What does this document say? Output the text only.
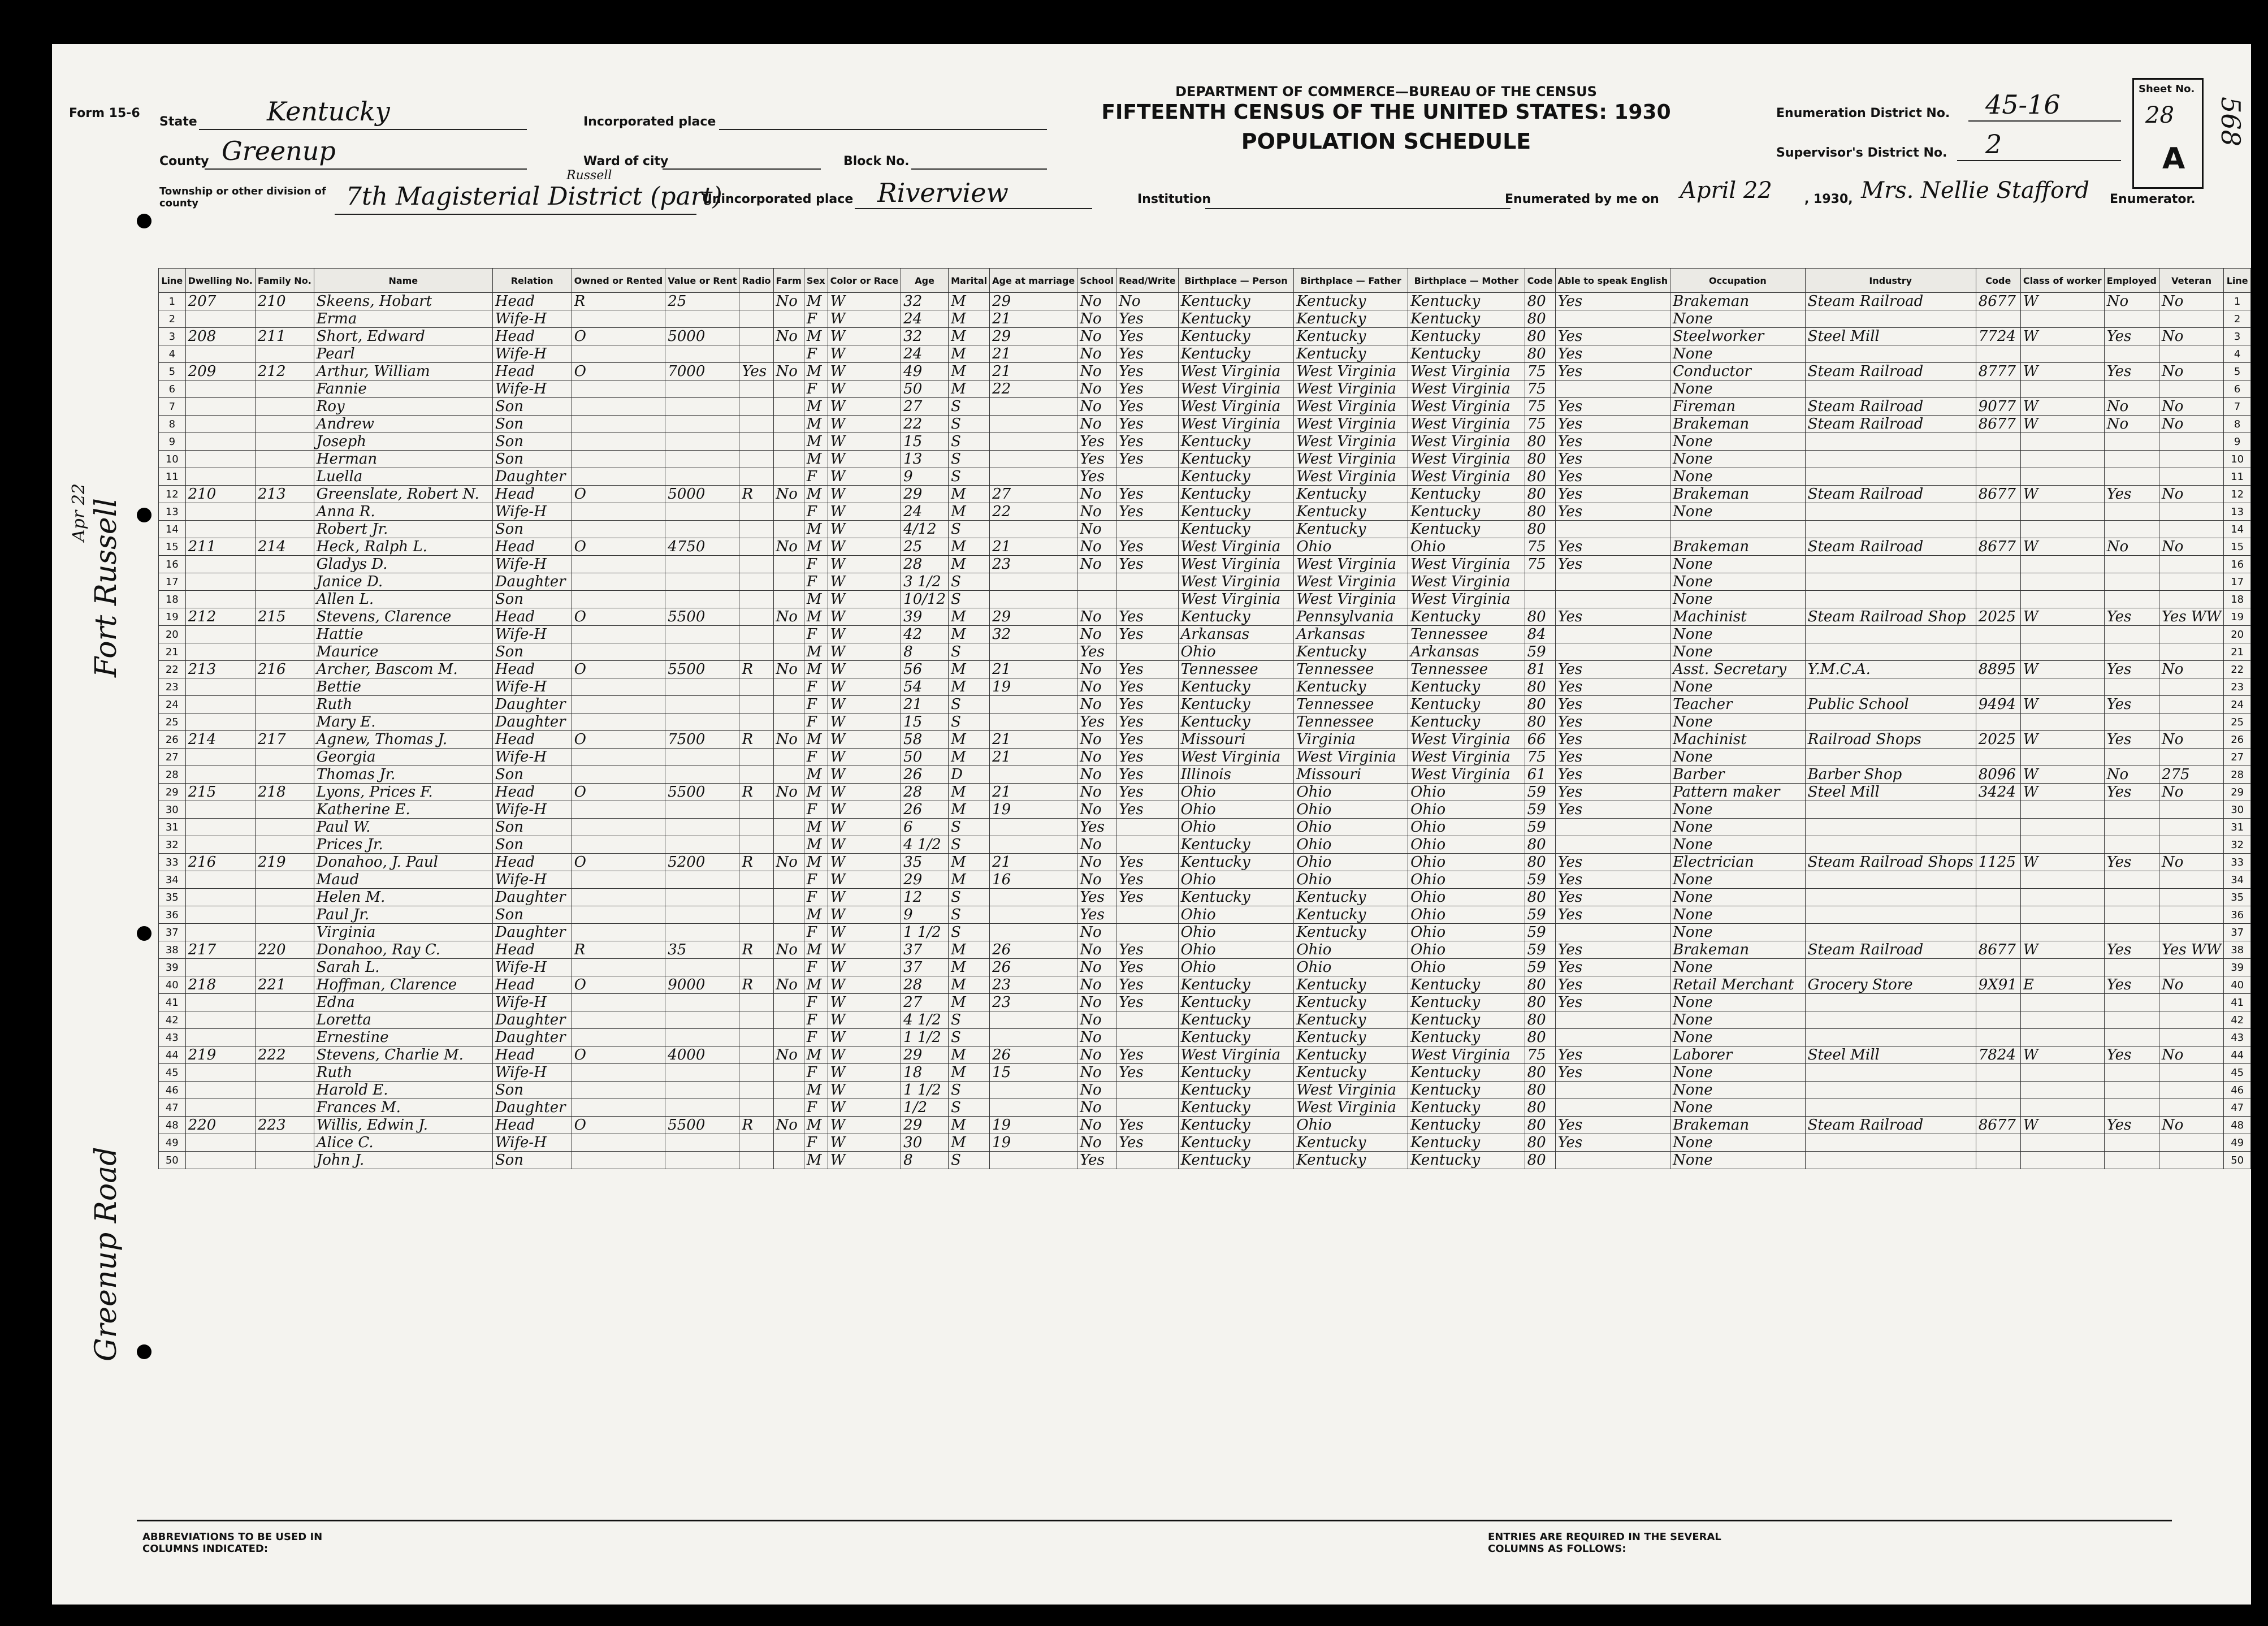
Form 15-6
DEPARTMENT OF COMMERCE—BUREAU OF THE CENSUS
FIFTEENTH CENSUS OF THE UNITED STATES: 1930
POPULATION SCHEDULE
State	Kentucky
County Greenup
Township or other division of county	7th Magisterial District (part)
Russell
Incorporated place
Ward of city	Block No.
Unincorporated place Riverview	Institution
Enumeration District No. 45-16
Supervisor's District No. 2
Enumerated by me on April 22	, 1930, Mrs. Nellie Stafford Enumerator.
Sheet No.
28
A
568
Fort Russell
Greenup Road
Apr 22
Line	Dwelling No.	Family No.	Name	Relation	Owned or Rented	Value or Rent	Radio	Farm	Sex	Color or Race	Age	Marital	Age at marriage	School	Read/Write	Birthplace — Person	Birthplace — Father	Birthplace — Mother	Code	Able to speak English	Occupation	Industry	Code	Class of worker	Employed	Veteran	Line
1	207	210	Skeens, Hobart	Head	R	25		No	M	W	32	M	29	No	No	Kentucky	Kentucky	Kentucky	80	Yes	Brakeman	Steam Railroad	8677	W	No	No	1
2			Erma	Wife-H					F	W	24	M	21	No	Yes	Kentucky	Kentucky	Kentucky	80		None						2
3	208	211	Short, Edward	Head	O	5000		No	M	W	32	M	29	No	Yes	Kentucky	Kentucky	Kentucky	80	Yes	Steelworker	Steel Mill	7724	W	Yes	No	3
4			Pearl	Wife-H					F	W	24	M	21	No	Yes	Kentucky	Kentucky	Kentucky	80	Yes	None						4
5	209	212	Arthur, William	Head	O	7000	Yes	No	M	W	49	M	21	No	Yes	West Virginia	West Virginia	West Virginia	75	Yes	Conductor	Steam Railroad	8777	W	Yes	No	5
6			Fannie	Wife-H					F	W	50	M	22	No	Yes	West Virginia	West Virginia	West Virginia	75		None						6
7			Roy	Son					M	W	27	S		No	Yes	West Virginia	West Virginia	West Virginia	75	Yes	Fireman	Steam Railroad	9077	W	No	No	7
8			Andrew	Son					M	W	22	S		No	Yes	West Virginia	West Virginia	West Virginia	75	Yes	Brakeman	Steam Railroad	8677	W	No	No	8
9			Joseph	Son					M	W	15	S		Yes	Yes	Kentucky	West Virginia	West Virginia	80	Yes	None						9
10			Herman	Son					M	W	13	S		Yes	Yes	Kentucky	West Virginia	West Virginia	80	Yes	None						10
11			Luella	Daughter					F	W	9	S		Yes		Kentucky	West Virginia	West Virginia	80	Yes	None						11
12	210	213	Greenslate, Robert N.	Head	O	5000	R	No	M	W	29	M	27	No	Yes	Kentucky	Kentucky	Kentucky	80	Yes	Brakeman	Steam Railroad	8677	W	Yes	No	12
13			Anna R.	Wife-H					F	W	24	M	22	No	Yes	Kentucky	Kentucky	Kentucky	80	Yes	None						13
14			Robert Jr.	Son					M	W	4/12	S		No		Kentucky	Kentucky	Kentucky	80								14
15	211	214	Heck, Ralph L.	Head	O	4750		No	M	W	25	M	21	No	Yes	West Virginia	Ohio	Ohio	75	Yes	Brakeman	Steam Railroad	8677	W	No	No	15
16			Gladys D.	Wife-H					F	W	28	M	23	No	Yes	West Virginia	West Virginia	West Virginia	75	Yes	None						16
17			Janice D.	Daughter					F	W	3 1/2	S				West Virginia	West Virginia	West Virginia			None						17
18			Allen L.	Son					M	W	10/12	S				West Virginia	West Virginia	West Virginia			None						18
19	212	215	Stevens, Clarence	Head	O	5500		No	M	W	39	M	29	No	Yes	Kentucky	Pennsylvania	Kentucky	80	Yes	Machinist	Steam Railroad Shop	2025	W	Yes	Yes WW	19
20			Hattie	Wife-H					F	W	42	M	32	No	Yes	Arkansas	Arkansas	Tennessee	84		None						20
21			Maurice	Son					M	W	8	S		Yes		Ohio	Kentucky	Arkansas	59		None						21
22	213	216	Archer, Bascom M.	Head	O	5500	R	No	M	W	56	M	21	No	Yes	Tennessee	Tennessee	Tennessee	81	Yes	Asst. Secretary	Y.M.C.A.	8895	W	Yes	No	22
23			Bettie	Wife-H					F	W	54	M	19	No	Yes	Kentucky	Kentucky	Kentucky	80	Yes	None						23
24			Ruth	Daughter					F	W	21	S		No	Yes	Kentucky	Tennessee	Kentucky	80	Yes	Teacher	Public School	9494	W	Yes		24
25			Mary E.	Daughter					F	W	15	S		Yes	Yes	Kentucky	Tennessee	Kentucky	80	Yes	None						25
26	214	217	Agnew, Thomas J.	Head	O	7500	R	No	M	W	58	M	21	No	Yes	Missouri	Virginia	West Virginia	66	Yes	Machinist	Railroad Shops	2025	W	Yes	No	26
27			Georgia	Wife-H					F	W	50	M	21	No	Yes	West Virginia	West Virginia	West Virginia	75	Yes	None						27
28			Thomas Jr.	Son					M	W	26	D		No	Yes	Illinois	Missouri	West Virginia	61	Yes	Barber	Barber Shop	8096	W	No	275	28
29	215	218	Lyons, Prices F.	Head	O	5500	R	No	M	W	28	M	21	No	Yes	Ohio	Ohio	Ohio	59	Yes	Pattern maker	Steel Mill	3424	W	Yes	No	29
30			Katherine E.	Wife-H					F	W	26	M	19	No	Yes	Ohio	Ohio	Ohio	59	Yes	None						30
31			Paul W.	Son					M	W	6	S		Yes		Ohio	Ohio	Ohio	59		None						31
32			Prices Jr.	Son					M	W	4 1/2	S		No		Kentucky	Ohio	Ohio	80		None						32
33	216	219	Donahoo, J. Paul	Head	O	5200	R	No	M	W	35	M	21	No	Yes	Kentucky	Ohio	Ohio	80	Yes	Electrician	Steam Railroad Shops	1125	W	Yes	No	33
34			Maud	Wife-H					F	W	29	M	16	No	Yes	Ohio	Ohio	Ohio	59	Yes	None						34
35			Helen M.	Daughter					F	W	12	S		Yes	Yes	Kentucky	Kentucky	Ohio	80	Yes	None						35
36			Paul Jr.	Son					M	W	9	S		Yes		Ohio	Kentucky	Ohio	59	Yes	None						36
37			Virginia	Daughter					F	W	1 1/2	S		No		Ohio	Kentucky	Ohio	59		None						37
38	217	220	Donahoo, Ray C.	Head	R	35	R	No	M	W	37	M	26	No	Yes	Ohio	Ohio	Ohio	59	Yes	Brakeman	Steam Railroad	8677	W	Yes	Yes WW	38
39			Sarah L.	Wife-H					F	W	37	M	26	No	Yes	Ohio	Ohio	Ohio	59	Yes	None						39
40	218	221	Hoffman, Clarence	Head	O	9000	R	No	M	W	28	M	23	No	Yes	Kentucky	Kentucky	Kentucky	80	Yes	Retail Merchant	Grocery Store	9X91	E	Yes	No	40
41			Edna	Wife-H					F	W	27	M	23	No	Yes	Kentucky	Kentucky	Kentucky	80	Yes	None						41
42			Loretta	Daughter					F	W	4 1/2	S		No		Kentucky	Kentucky	Kentucky	80		None						42
43			Ernestine	Daughter					F	W	1 1/2	S		No		Kentucky	Kentucky	Kentucky	80		None						43
44	219	222	Stevens, Charlie M.	Head	O	4000		No	M	W	29	M	26	No	Yes	West Virginia	Kentucky	West Virginia	75	Yes	Laborer	Steel Mill	7824	W	Yes	No	44
45			Ruth	Wife-H					F	W	18	M	15	No	Yes	Kentucky	Kentucky	Kentucky	80	Yes	None						45
46			Harold E.	Son					M	W	1 1/2	S		No		Kentucky	West Virginia	Kentucky	80		None						46
47			Frances M.	Daughter					F	W	1/2	S		No		Kentucky	West Virginia	Kentucky	80		None						47
48	220	223	Willis, Edwin J.	Head	O	5500	R	No	M	W	29	M	19	No	Yes	Kentucky	Ohio	Kentucky	80	Yes	Brakeman	Steam Railroad	8677	W	Yes	No	48
49			Alice C.	Wife-H					F	W	30	M	19	No	Yes	Kentucky	Kentucky	Kentucky	80	Yes	None						49
50			John J.	Son					M	W	8	S		Yes		Kentucky	Kentucky	Kentucky	80		None						50
ABBREVIATIONS TO BE USED IN COLUMNS INDICATED:
ENTRIES ARE REQUIRED IN THE SEVERAL COLUMNS AS FOLLOWS:
